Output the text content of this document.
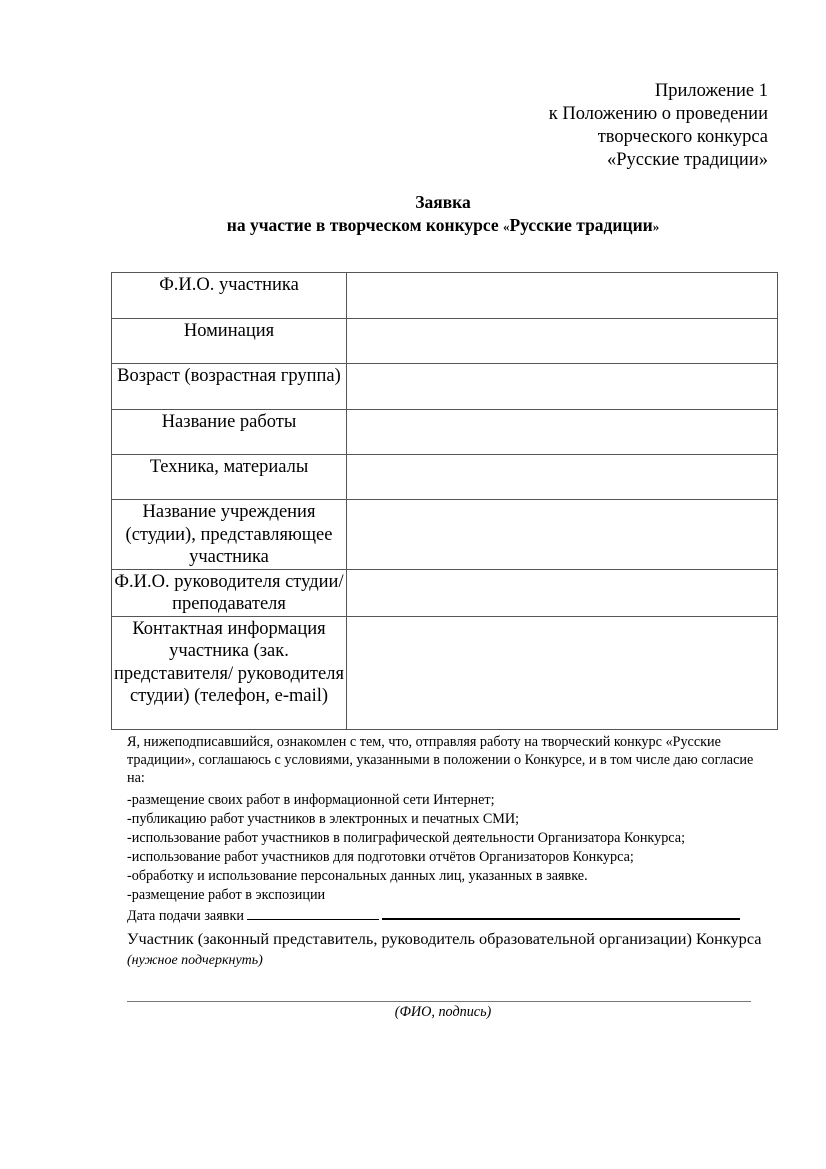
Приложение 1
к Положению о проведении
творческого конкурса
«Русские традиции»
Заявка
на участие в творческом конкурсе «Русские традиции»
Ф.И.О. участника	
Номинация	
Возраст (возрастная группа)	
Название работы	
Техника, материалы	
Название учреждения (студии), представляющее участника	
Ф.И.О. руководителя студии/ преподавателя	
Контактная информация участника (зак. представителя/ руководителя студии) (телефон, e-mail)	
Я, нижеподписавшийся, ознакомлен с тем, что, отправляя работу на творческий конкурс «Русские традиции», соглашаюсь с условиями, указанными в положении о Конкурсе, и в том числе даю согласие на:
-размещение своих работ в информационной сети Интернет;
-публикацию работ участников в электронных и печатных СМИ;
-использование работ участников в полиграфической деятельности Организатора Конкурса;
-использование работ участников для подготовки отчётов Организаторов Конкурса;
-обработку и использование персональных данных лиц, указанных в заявке.
-размещение работ в экспозиции
Дата подачи заявки
Участник (законный представитель, руководитель образовательной организации) Конкурса (нужное подчеркнуть)
(ФИО, подпись)
